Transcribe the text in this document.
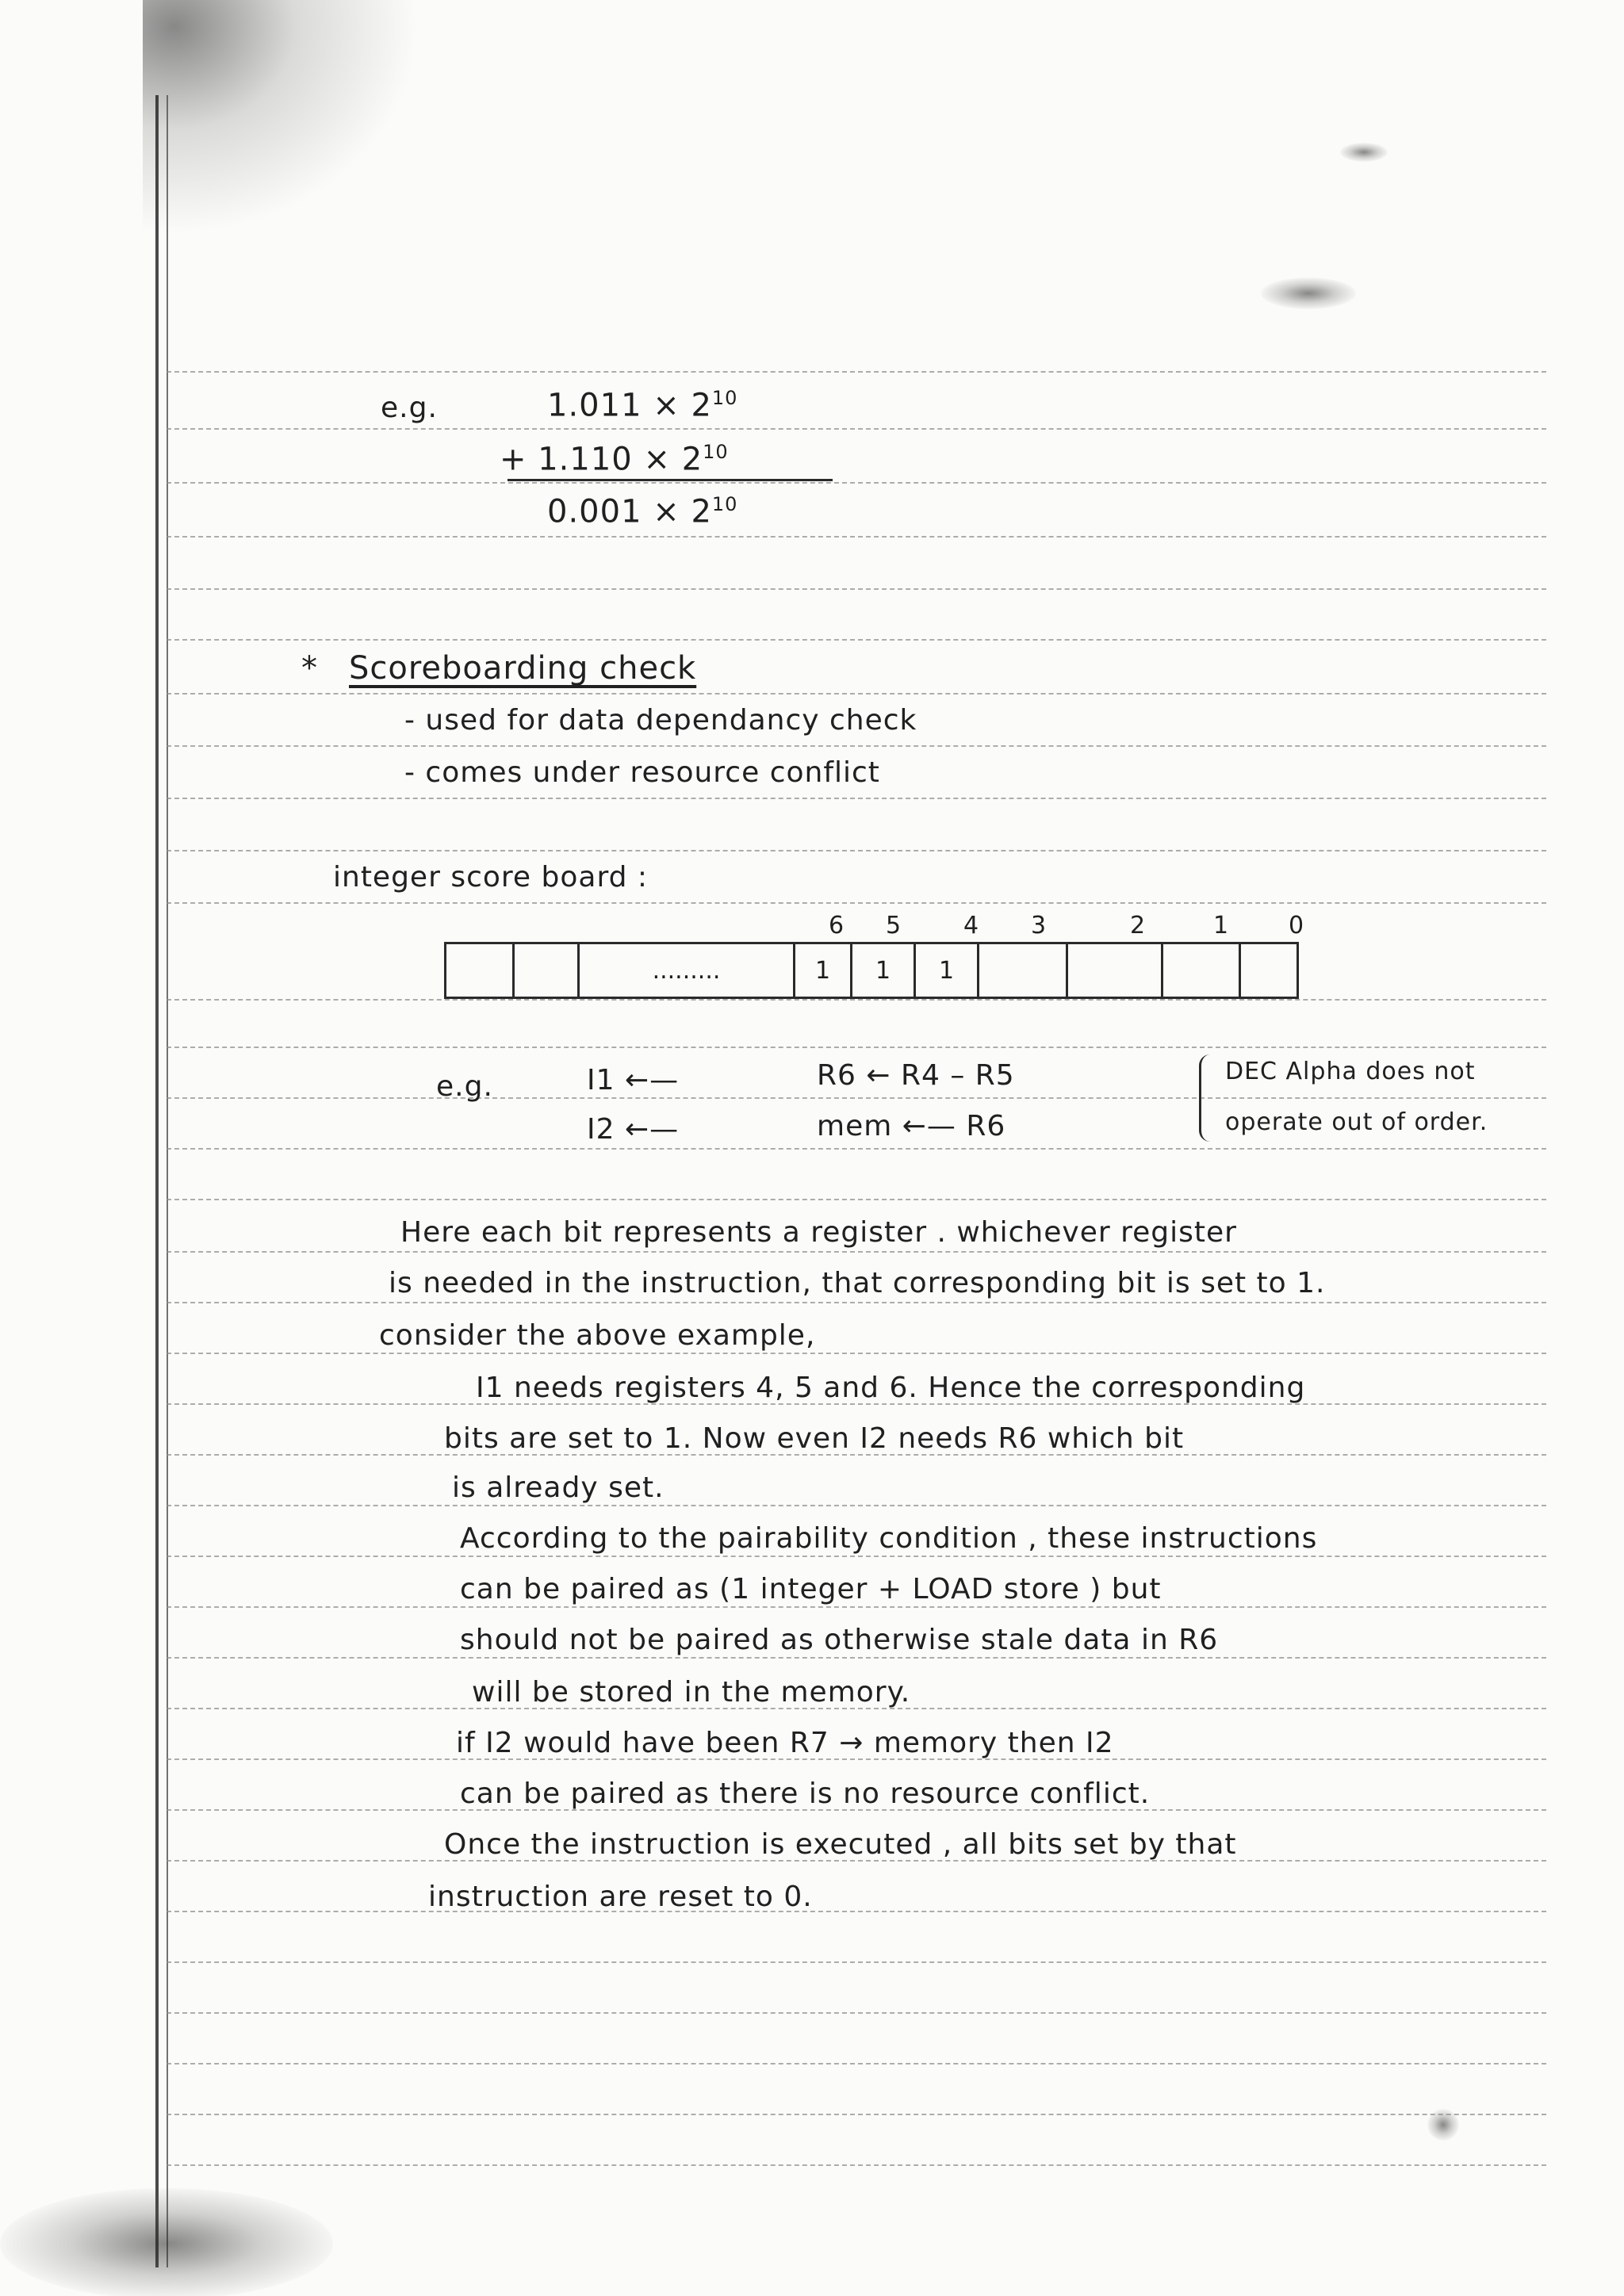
e.g.	$1.011 \times 2^{10}$
+ $1.110 \times 2^{10}$
$0.001 \times 2^{10}$
* Scoreboarding check
- used for data dependancy check
- comes under resource conflict
integer score board :
6 5	4 3	2	1	0
.........	1	1	1
e.g.	I1 ←—	R6 ← R4 – R5
I2 ←—	mem ←— R6
DEC Alpha does not
operate out of order.
Here each bit represents a register . whichever register
is needed in the instruction, that corresponding bit is set to 1.
consider the above example,
I1 needs registers 4, 5 and 6. Hence the corresponding
bits are set to 1. Now even I2 needs R6 which bit
is already set.
According to the pairability condition , these instructions
can be paired as (1 integer + LOAD store ) but
should not be paired as otherwise stale data in R6
will be stored in the memory.
if I2 would have been R7 → memory then I2
can be paired as there is no resource conflict.
Once the instruction is executed , all bits set by that
instruction are reset to 0.
